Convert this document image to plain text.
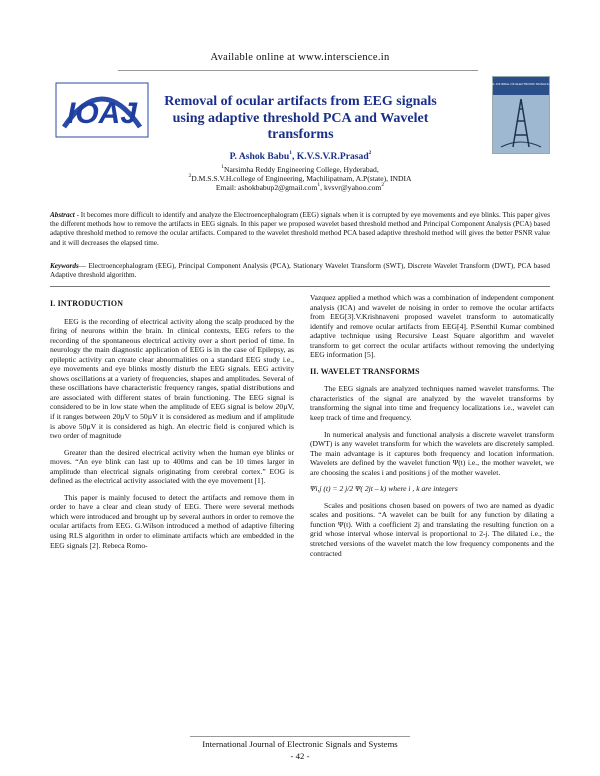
Available online at www.interscience.in
IOAJ
INTERNATIONAL JOURNAL OF ELECTRONIC SIGNALS AND SYSTEMS
Removal of ocular artifacts from EEG signals using adaptive threshold PCA and Wavelet transforms
P. Ashok Babu$^1$, K.V.S.V.R.Prasad$^2$
$^1$Narsimha Reddy Engineering College, Hyderabad,
$^2$D.M.S.S.V.H.college of Engineering, Machilipatnam, A.P(state), INDIA
Email: ashokbabup2@gmail.com$^1$, kvsvr@yahoo.com$^2$
Abstract - It becomes more difficult to identify and analyze the Electroencephalogram (EEG) signals when it is corrupted by eye movements and eye blinks. This paper gives the different methods how to remove the artifacts in EEG signals. In this paper we proposed wavelet based threshold method and Principal Component Analysis (PCA) based adaptive threshold method to remove the ocular artifacts. Compared to the wavelet threshold method PCA based adaptive threshold method will gives the better PSNR value and it will decreases the elapsed time.
Keywords— Electroencephalogram (EEG), Principal Component Analysis (PCA), Stationary Wavelet Transform (SWT), Discrete Wavelet Transform (DWT), PCA based Adaptive threshold algorithm.
I. INTRODUCTION

EEG is the recording of electrical activity along the scalp produced by the firing of neurons within the brain. In clinical contexts, EEG refers to the recording of the spontaneous electrical activity over a short period of time. In neurology the main diagnostic application of EEG is in the case of Epilepsy, as epileptic activity can create clear abnormalities on a standard EEG study i.e., eye movements and eye blinks mostly disturb the EEG signals. EEG activity shows oscillations at a variety of frequencies, shapes and amplitudes. Several of these oscillations have characteristic frequency ranges, spatial distributions and are associated with different states of brain functioning. The EEG signal is considered to be in low state when the amplitude of EEG signal is below 20µV, if it ranges between 20µV to 50µV it is considered as medium and if amplitude is above 50µV it is considered as high. An electric field is conjured which is two order of magnitude

Greater than the desired electrical activity when the human eye blinks or moves. “An eye blink can last up to 400ms and can be 10 times larger in amplitude than electrical signals originating from cerebral cortex.” EOG is defined as the electrical activity associated with the eye movement [1].

This paper is mainly focused to detect the artifacts and remove them in order to have a clear and clean study of EEG. There were several methods which were introduced and brought up by several authors in order to remove the ocular artifacts from EEG. G.Wilson introduced a method of adaptive filtering using RLS algorithm in order to eliminate artifacts which are embedded in the EEG signals [2]. Rebeca Romo-

Vazquez applied a method which was a combination of independent component analysis (ICA) and wavelet de noising in order to remove the ocular artifacts from EEG[3].V.Krishnaveni proposed wavelet transform to automatically identify and remove ocular artifacts from EEG[4]. P.Senthil Kumar combined adaptive technique using Recursive Least Square algorithm and wavelet transform to get correct the ocular artifacts without removing the underlying EEG information [5].

II. WAVELET TRANSFORMS

The EEG signals are analyzed techniques named wavelet transforms. The characteristics of the signal are analyzed by the wavelet transforms by transforming the signal into time and frequency localizations i.e., wavelet can keep track of time and frequency.

In numerical analysis and functional analysis a discrete wavelet transform (DWT) is any wavelet transform for which the wavelets are discretely sampled. The main advantage is it captures both frequency and location information. Wavelets are defined by the wavelet function Ψ(t) i.e., the mother wavelet, we are choosing the scales i and positions j of the mother wavelet.

Ψi,j (t) = 2 j/2 Ψ( 2jt – k) where i , k are integers

Scales and positions chosen based on powers of two are named as dyadic scales and positions. “A wavelet can be built for any function by dilating a function Ψ(t). With a coefficient 2j and translating the resulting function on a grid whose interval whose interval is proportional to 2-j. The dilated i.e., the stretched versions of the wavelet match the low frequency components and the contracted

International Journal of Electronic Signals and Systems
- 42 -
